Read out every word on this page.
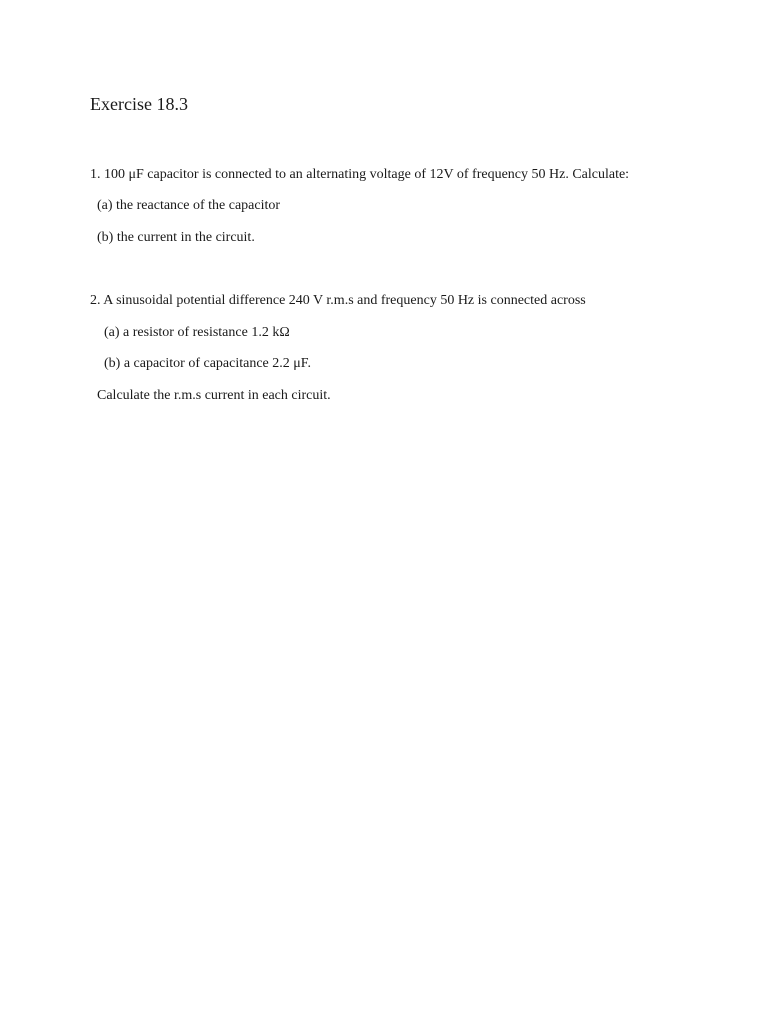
Exercise 18.3
1. 100 μF capacitor is connected to an alternating voltage of 12V of frequency 50 Hz. Calculate:
(a) the reactance of the capacitor
(b) the current in the circuit.
2. A sinusoidal potential difference 240 V r.m.s and frequency 50 Hz is connected across
(a) a resistor of resistance 1.2 kΩ
(b) a capacitor of capacitance 2.2 μF.
Calculate the r.m.s current in each circuit.
